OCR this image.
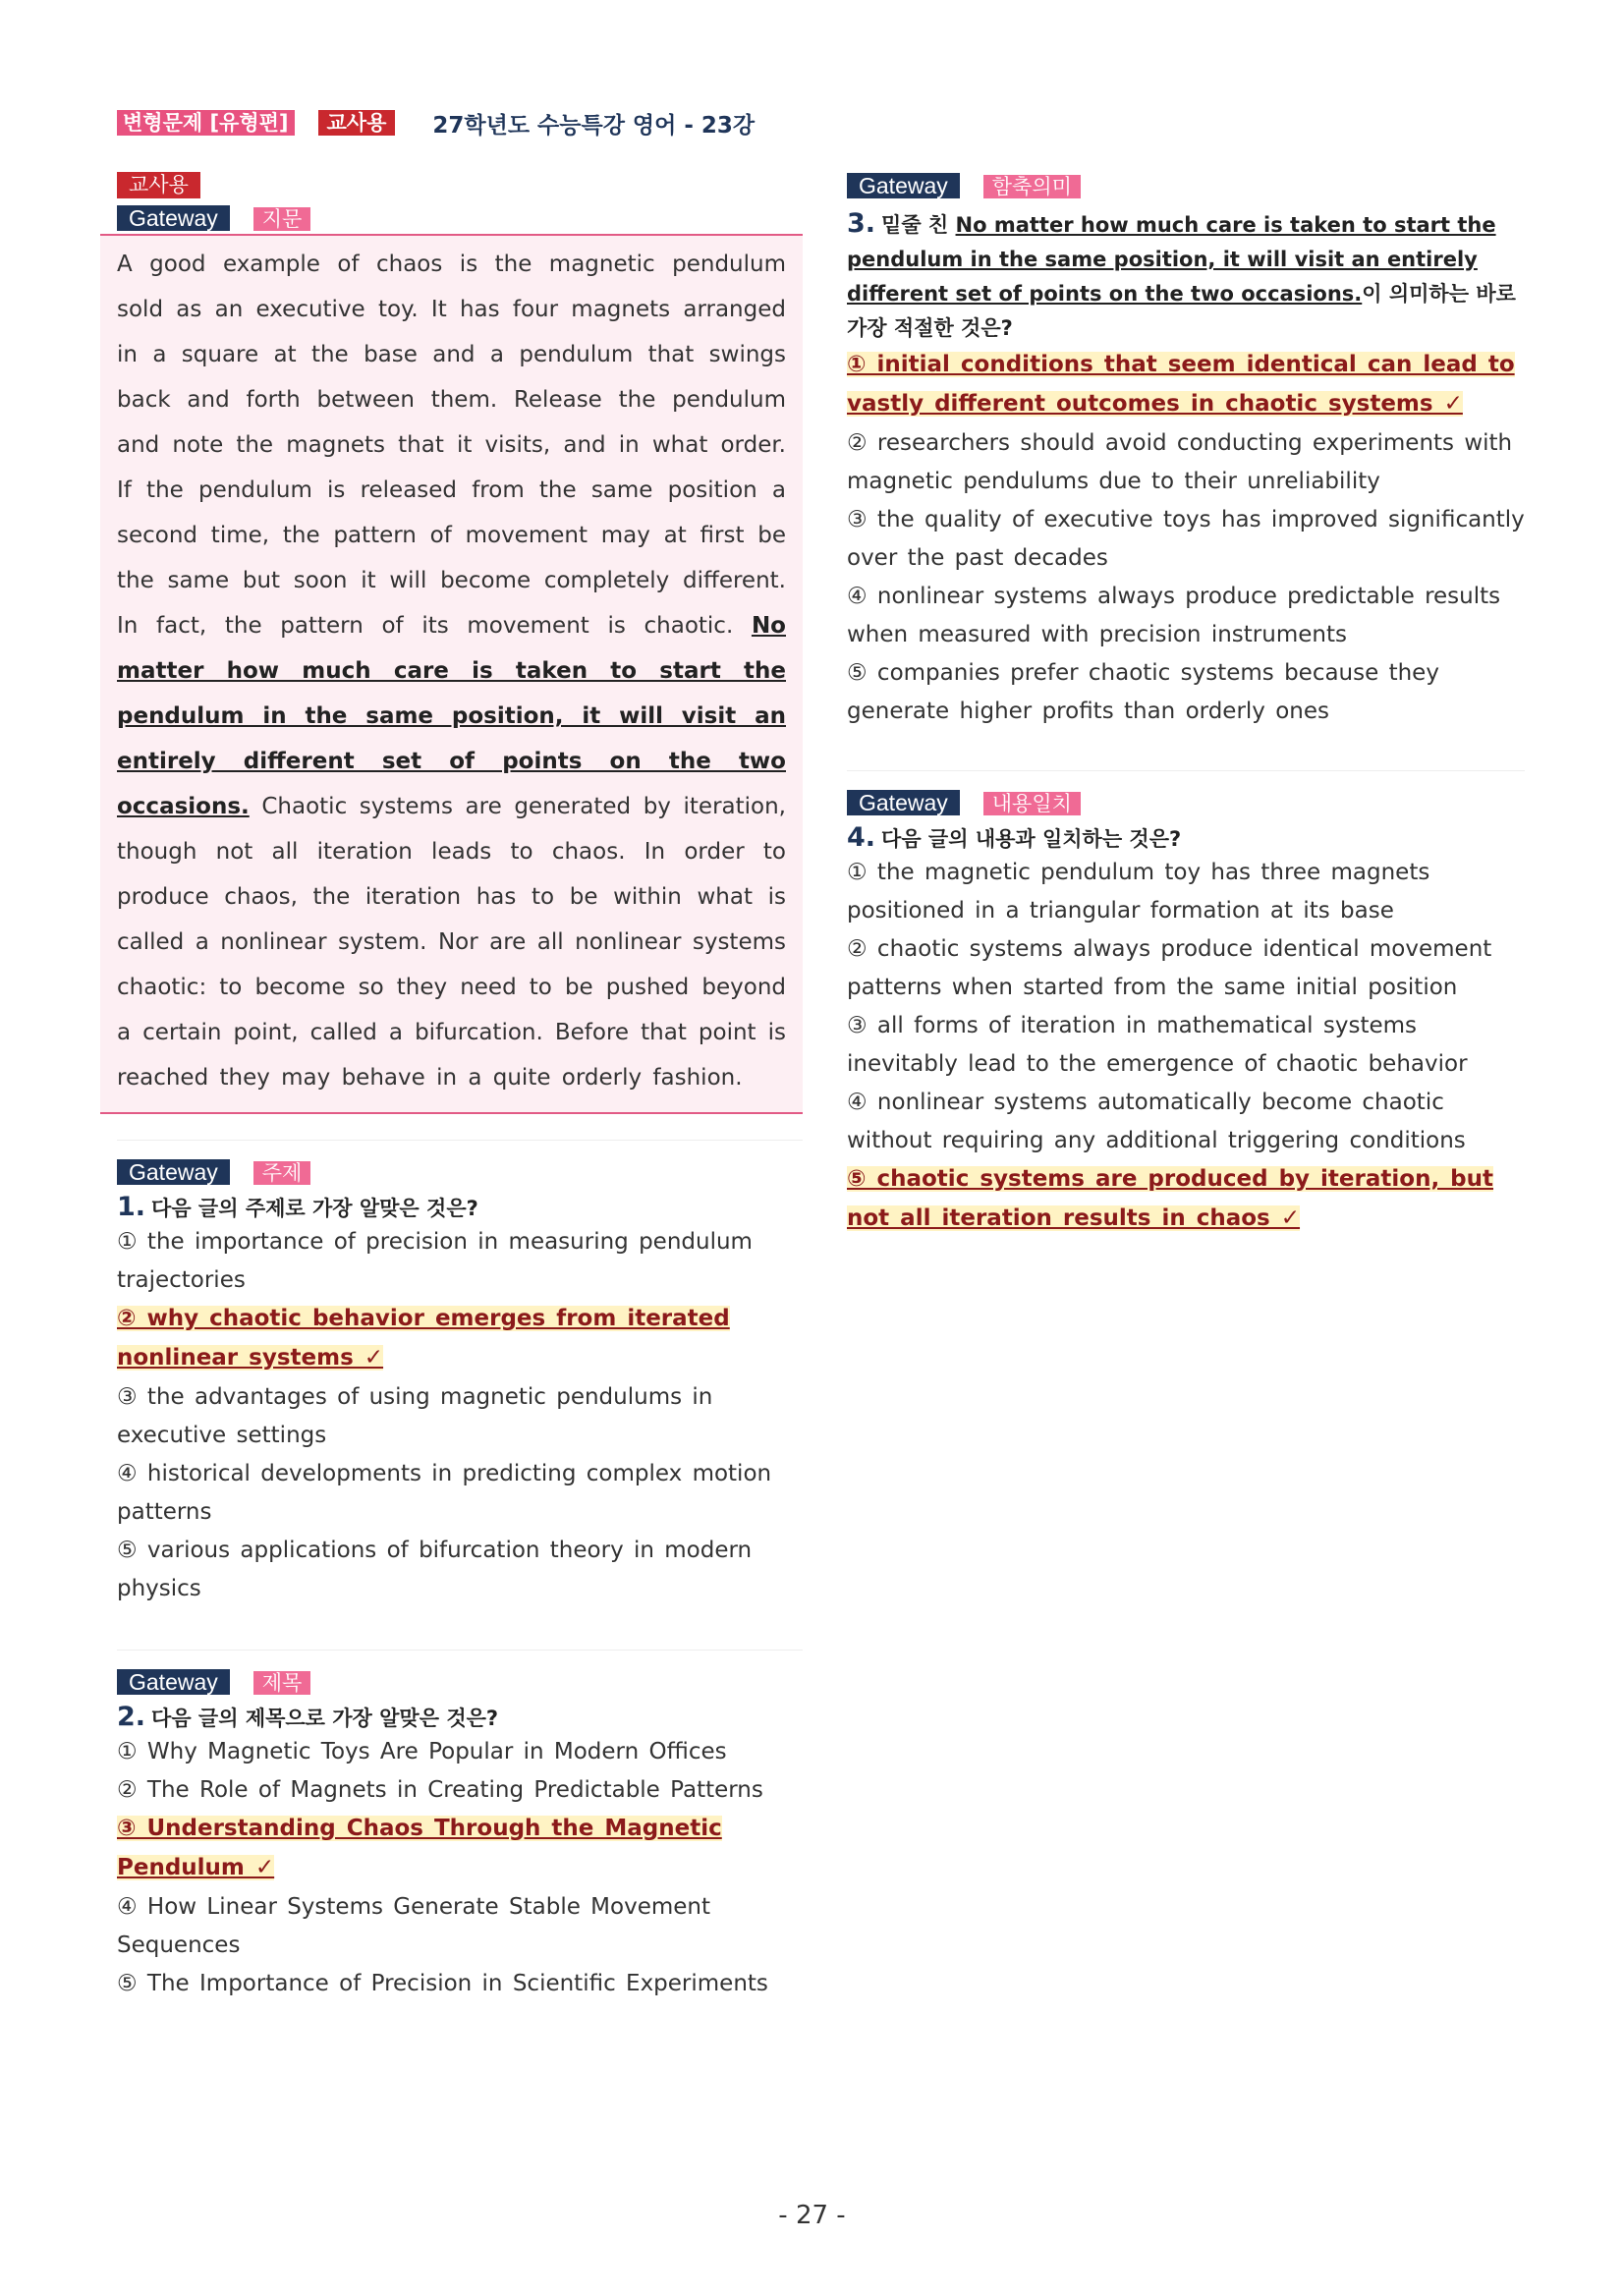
변형문제 [유형편]	교사용	27학년도 수능특강 영어 - 23강
교사용
Gateway	지문

A good example of chaos is the magnetic pendulum sold as an executive toy. It has four magnets arranged in a square at the base and a pendulum that swings back and forth between them. Release the pendulum and note the magnets that it visits, and in what order. If the pendulum is released from the same position a second time, the pattern of movement may at first be the same but soon it will become completely different. In fact, the pattern of its movement is chaotic. No matter how much care is taken to start the pendulum in the same position, it will visit an entirely different set of points on the two occasions. Chaotic systems are generated by iteration, though not all iteration leads to chaos. In order to produce chaos, the iteration has to be within what is called a nonlinear system. Nor are all nonlinear systems chaotic: to become so they need to be pushed beyond a certain point, called a bifurcation. Before that point is reached they may behave in a quite orderly fashion.

Gateway	주제
1. 다음 글의 주제로 가장 알맞은 것은?

① the importance of precision in measuring pendulum trajectories

② why chaotic behavior emerges from iterated nonlinear systems ✓

③ the advantages of using magnetic pendulums in executive settings

④ historical developments in predicting complex motion patterns

⑤ various applications of bifurcation theory in modern physics

Gateway	제목
2. 다음 글의 제목으로 가장 알맞은 것은?

① Why Magnetic Toys Are Popular in Modern Offices

② The Role of Magnets in Creating Predictable Patterns

③ Understanding Chaos Through the Magnetic Pendulum ✓

④ How Linear Systems Generate Stable Movement Sequences

⑤ The Importance of Precision in Scientific Experiments

Gateway	함축의미
3. 밑줄 친 No matter how much care is taken to start the pendulum in the same position, it will visit an entirely different set of points on the two occasions.이 의미하는 바로 가장 적절한 것은?

① initial conditions that seem identical can lead to vastly different outcomes in chaotic systems ✓

② researchers should avoid conducting experiments with magnetic pendulums due to their unreliability

③ the quality of executive toys has improved significantly over the past decades

④ nonlinear systems always produce predictable results when measured with precision instruments

⑤ companies prefer chaotic systems because they generate higher profits than orderly ones

Gateway	내용일치
4. 다음 글의 내용과 일치하는 것은?

① the magnetic pendulum toy has three magnets positioned in a triangular formation at its base

② chaotic systems always produce identical movement patterns when started from the same initial position

③ all forms of iteration in mathematical systems inevitably lead to the emergence of chaotic behavior

④ nonlinear systems automatically become chaotic without requiring any additional triggering conditions

⑤ chaotic systems are produced by iteration, but not all iteration results in chaos ✓

- 27 -
